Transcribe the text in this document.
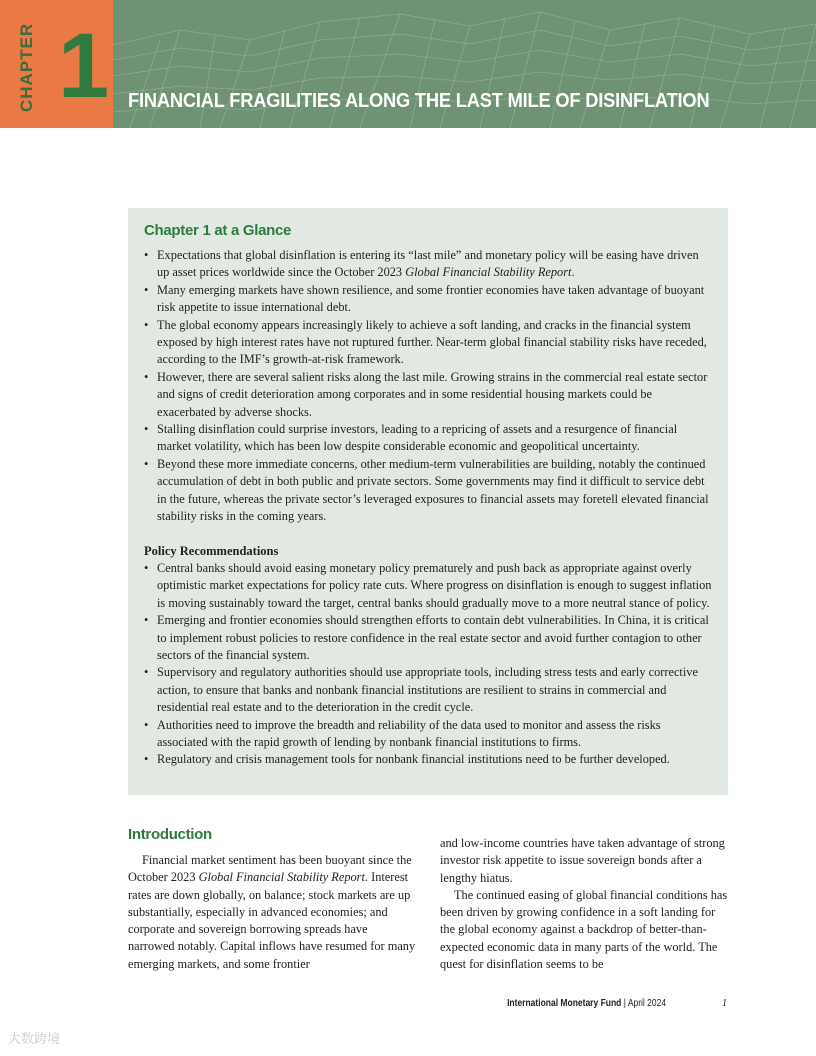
CHAPTER 1 FINANCIAL FRAGILITIES ALONG THE LAST MILE OF DISINFLATION
Chapter 1 at a Glance
• Expectations that global disinflation is entering its “last mile” and monetary policy will be easing have driven up asset prices worldwide since the October 2023 Global Financial Stability Report.
• Many emerging markets have shown resilience, and some frontier economies have taken advantage of buoyant risk appetite to issue international debt.
• The global economy appears increasingly likely to achieve a soft landing, and cracks in the financial system exposed by high interest rates have not ruptured further. Near-term global financial stability risks have receded, according to the IMF’s growth-at-risk framework.
• However, there are several salient risks along the last mile. Growing strains in the commercial real estate sector and signs of credit deterioration among corporates and in some residential housing markets could be exacerbated by adverse shocks.
• Stalling disinflation could surprise investors, leading to a repricing of assets and a resurgence of financial market volatility, which has been low despite considerable economic and geopolitical uncertainty.
• Beyond these more immediate concerns, other medium-term vulnerabilities are building, notably the continued accumulation of debt in both public and private sectors. Some governments may find it difficult to service debt in the future, whereas the private sector’s leveraged exposures to financial assets may foretell elevated financial stability risks in the coming years.
Policy Recommendations
• Central banks should avoid easing monetary policy prematurely and push back as appropriate against overly optimistic market expectations for policy rate cuts. Where progress on disinflation is enough to suggest inflation is moving sustainably toward the target, central banks should gradually move to a more neutral stance of policy.
• Emerging and frontier economies should strengthen efforts to contain debt vulnerabilities. In China, it is critical to implement robust policies to restore confidence in the real estate sector and avoid further contagion to other sectors of the financial system.
• Supervisory and regulatory authorities should use appropriate tools, including stress tests and early corrective action, to ensure that banks and nonbank financial institutions are resilient to strains in commercial and residential real estate and to the deterioration in the credit cycle.
• Authorities need to improve the breadth and reliability of the data used to monitor and assess the risks associated with the rapid growth of lending by nonbank financial institutions to firms.
• Regulatory and crisis management tools for nonbank financial institutions need to be further developed.
Introduction

Financial market sentiment has been buoyant since the October 2023 Global Financial Stability Report. Interest rates are down globally, on balance; stock markets are up substantially, especially in advanced economies; and corporate and sovereign borrowing spreads have narrowed notably. Capital inflows have resumed for many emerging markets, and some frontier

and low-income countries have taken advantage of strong investor risk appetite to issue sovereign bonds after a lengthy hiatus.

The continued easing of global financial conditions has been driven by growing confidence in a soft landing for the global economy against a backdrop of better-than-expected economic data in many parts of the world. The quest for disinflation seems to be

International Monetary Fund | April 2024	1
大数跨境
